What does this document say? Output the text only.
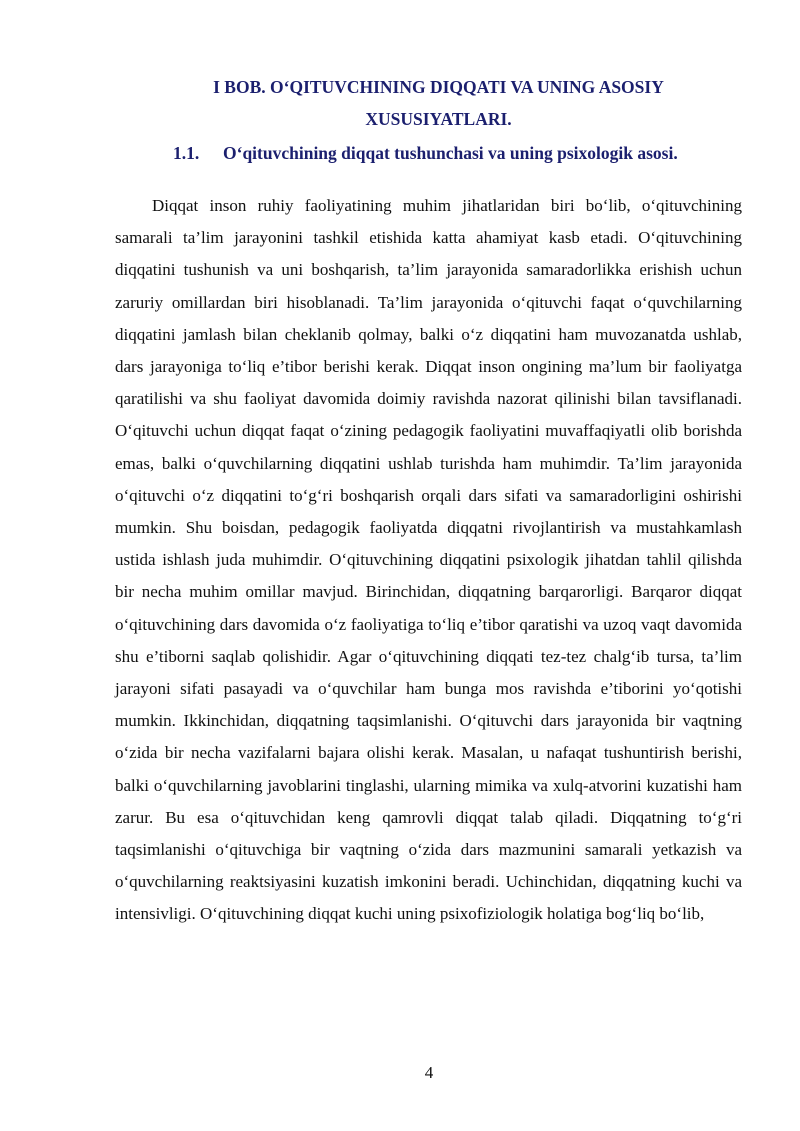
I BOB. O‘QITUVCHINING DIQQATI VA UNING ASOSIY
XUSUSIYATLARI.
1.1. O‘qituvchining diqqat tushunchasi va uning psixologik asosi.

Diqqat inson ruhiy faoliyatining muhim jihatlaridan biri bo‘lib, o‘qituvchining samarali ta’lim jarayonini tashkil etishida katta ahamiyat kasb etadi. O‘qituvchining diqqatini tushunish va uni boshqarish, ta’lim jarayonida samaradorlikka erishish uchun zaruriy omillardan biri hisoblanadi. Ta’lim jarayonida o‘qituvchi faqat o‘quvchilarning diqqatini jamlash bilan cheklanib qolmay, balki o‘z diqqatini ham muvozanatda ushlab, dars jarayoniga to‘liq e’tibor berishi kerak. Diqqat inson ongining ma’lum bir faoliyatga qaratilishi va shu faoliyat davomida doimiy ravishda nazorat qilinishi bilan tavsiflanadi. O‘qituvchi uchun diqqat faqat o‘zining pedagogik faoliyatini muvaffaqiyatli olib borishda emas, balki o‘quvchilarning diqqatini ushlab turishda ham muhimdir. Ta’lim jarayonida o‘qituvchi o‘z diqqatini to‘g‘ri boshqarish orqali dars sifati va samaradorligini oshirishi mumkin. Shu boisdan, pedagogik faoliyatda diqqatni rivojlantirish va mustahkamlash ustida ishlash juda muhimdir. O‘qituvchining diqqatini psixologik jihatdan tahlil qilishda bir necha muhim omillar mavjud. Birinchidan, diqqatning barqarorligi. Barqaror diqqat o‘qituvchining dars davomida o‘z faoliyatiga to‘liq e’tibor qaratishi va uzoq vaqt davomida shu e’tiborni saqlab qolishidir. Agar o‘qituvchining diqqati tez-tez chalg‘ib tursa, ta’lim jarayoni sifati pasayadi va o‘quvchilar ham bunga mos ravishda e’tiborini yo‘qotishi mumkin. Ikkinchidan, diqqatning taqsimlanishi. O‘qituvchi dars jarayonida bir vaqtning o‘zida bir necha vazifalarni bajara olishi kerak. Masalan, u nafaqat tushuntirish berishi, balki o‘quvchilarning javoblarini tinglashi, ularning mimika va xulq-atvorini kuzatishi ham zarur. Bu esa o‘qituvchidan keng qamrovli diqqat talab qiladi. Diqqatning to‘g‘ri taqsimlanishi o‘qituvchiga bir vaqtning o‘zida dars mazmunini samarali yetkazish va o‘quvchilarning reaktsiyasini kuzatish imkonini beradi. Uchinchidan, diqqatning kuchi va intensivligi. O‘qituvchining diqqat kuchi uning psixofiziologik holatiga bog‘liq bo‘lib,

4
